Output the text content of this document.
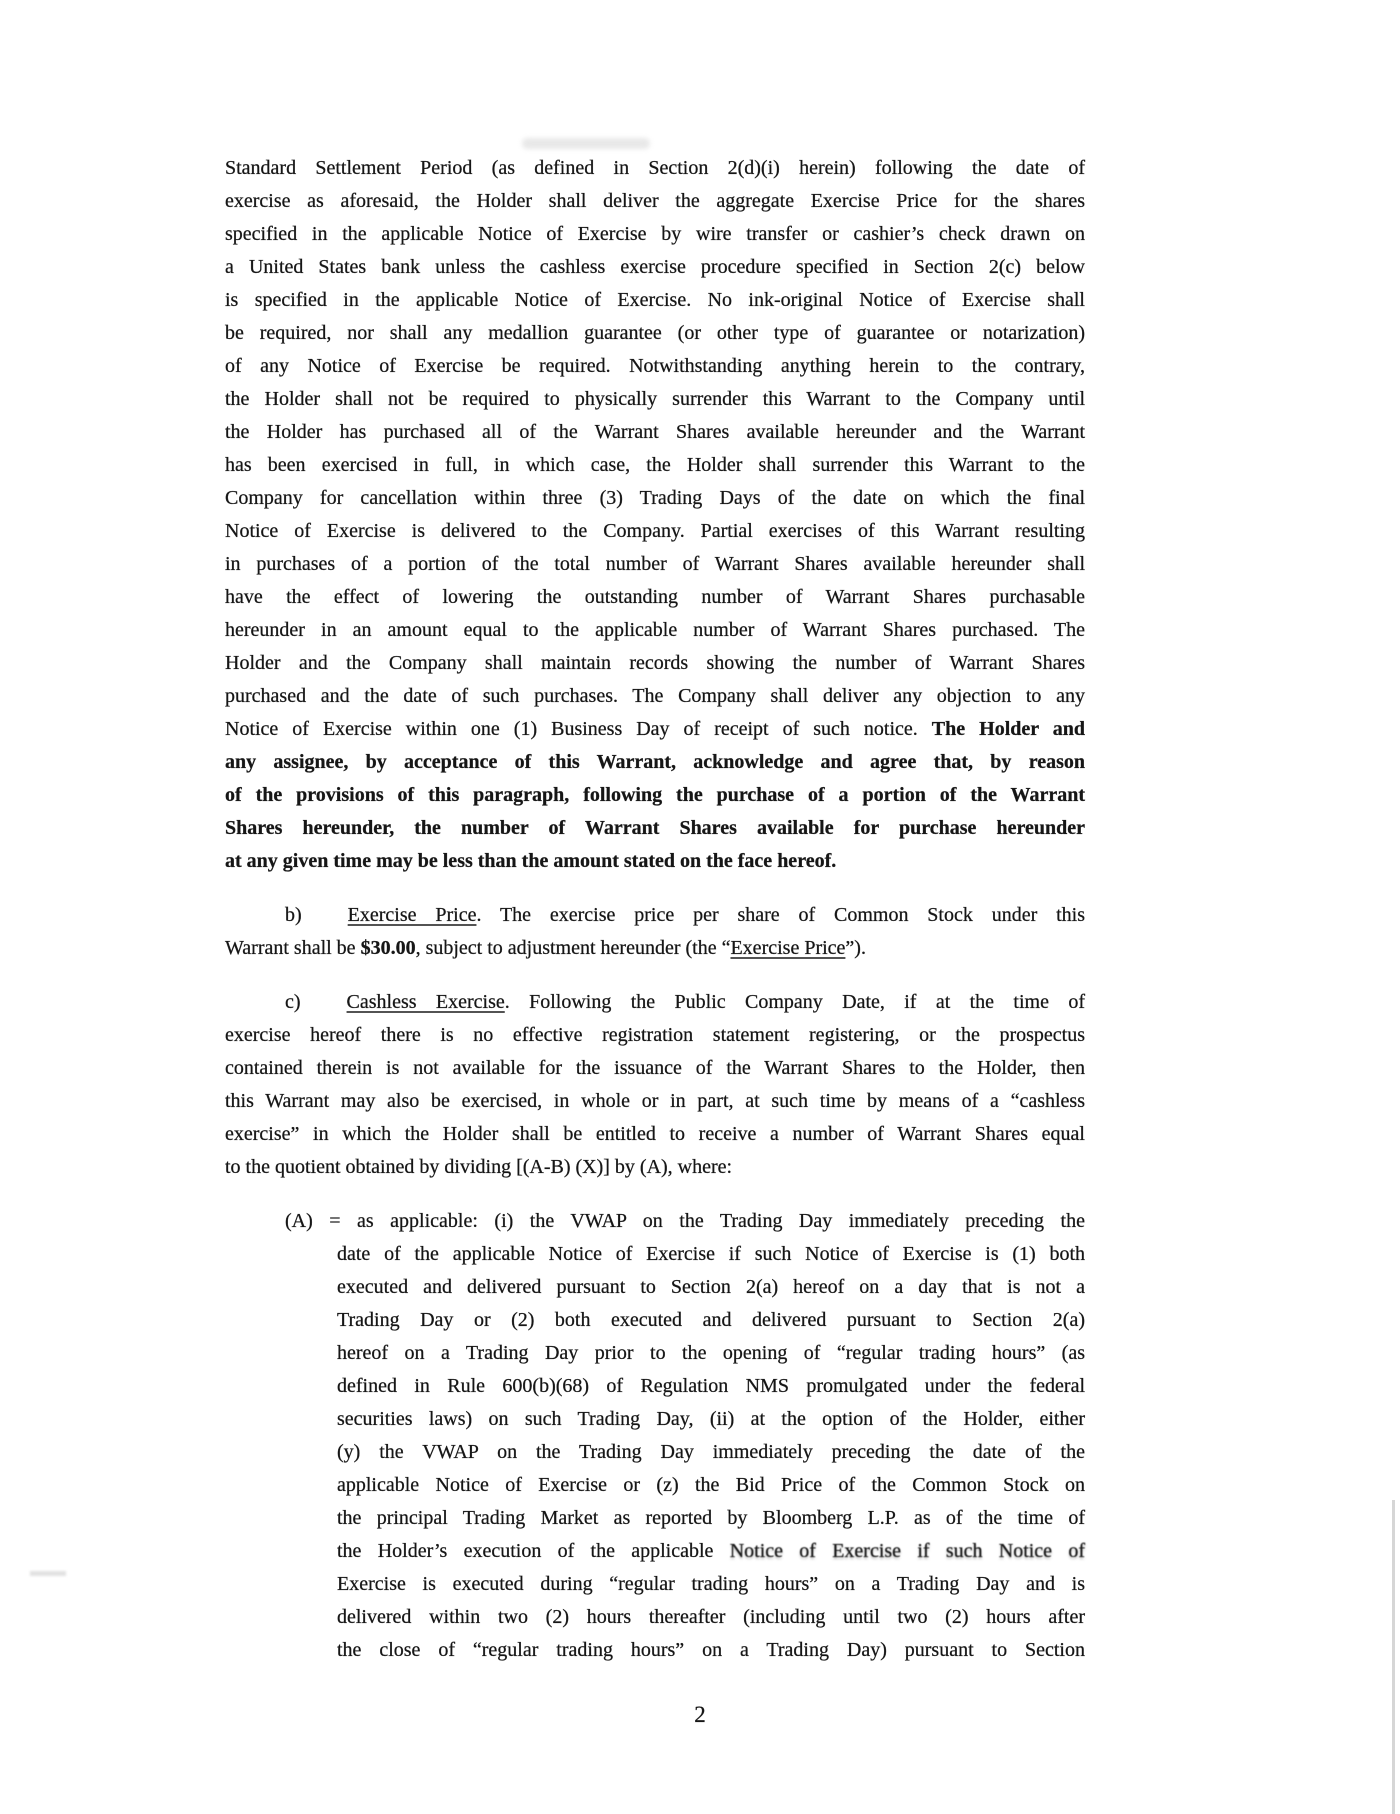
Standard Settlement Period (as defined in Section 2(d)(i) herein) following the date of
exercise as aforesaid, the Holder shall deliver the aggregate Exercise Price for the shares
specified in the applicable Notice of Exercise by wire transfer or cashier’s check drawn on
a United States bank unless the cashless exercise procedure specified in Section 2(c) below
is specified in the applicable Notice of Exercise. No ink-original Notice of Exercise shall
be required, nor shall any medallion guarantee (or other type of guarantee or notarization)
of any Notice of Exercise be required. Notwithstanding anything herein to the contrary,
the Holder shall not be required to physically surrender this Warrant to the Company until
the Holder has purchased all of the Warrant Shares available hereunder and the Warrant
has been exercised in full, in which case, the Holder shall surrender this Warrant to the
Company for cancellation within three (3) Trading Days of the date on which the final
Notice of Exercise is delivered to the Company. Partial exercises of this Warrant resulting
in purchases of a portion of the total number of Warrant Shares available hereunder shall
have the effect of lowering the outstanding number of Warrant Shares purchasable
hereunder in an amount equal to the applicable number of Warrant Shares purchased. The
Holder and the Company shall maintain records showing the number of Warrant Shares
purchased and the date of such purchases. The Company shall deliver any objection to any
Notice of Exercise within one (1) Business Day of receipt of such notice. The Holder and
any assignee, by acceptance of this Warrant, acknowledge and agree that, by reason
of the provisions of this paragraph, following the purchase of a portion of the Warrant
Shares hereunder, the number of Warrant Shares available for purchase hereunder
at any given time may be less than the amount stated on the face hereof.
b) Exercise Price. The exercise price per share of Common Stock under this
Warrant shall be $30.00, subject to adjustment hereunder (the “Exercise Price”).
c) Cashless Exercise. Following the Public Company Date, if at the time of
exercise hereof there is no effective registration statement registering, or the prospectus
contained therein is not available for the issuance of the Warrant Shares to the Holder, then
this Warrant may also be exercised, in whole or in part, at such time by means of a “cashless
exercise” in which the Holder shall be entitled to receive a number of Warrant Shares equal
to the quotient obtained by dividing [(A-B) (X)] by (A), where:
(A) = as applicable: (i) the VWAP on the Trading Day immediately preceding the
date of the applicable Notice of Exercise if such Notice of Exercise is (1) both
executed and delivered pursuant to Section 2(a) hereof on a day that is not a
Trading Day or (2) both executed and delivered pursuant to Section 2(a)
hereof on a Trading Day prior to the opening of “regular trading hours” (as
defined in Rule 600(b)(68) of Regulation NMS promulgated under the federal
securities laws) on such Trading Day, (ii) at the option of the Holder, either
(y) the VWAP on the Trading Day immediately preceding the date of the
applicable Notice of Exercise or (z) the Bid Price of the Common Stock on
the principal Trading Market as reported by Bloomberg L.P. as of the time of
the Holder’s execution of the applicable Notice of Exercise if such Notice of
Exercise is executed during “regular trading hours” on a Trading Day and is
delivered within two (2) hours thereafter (including until two (2) hours after
the close of “regular trading hours” on a Trading Day) pursuant to Section
2
